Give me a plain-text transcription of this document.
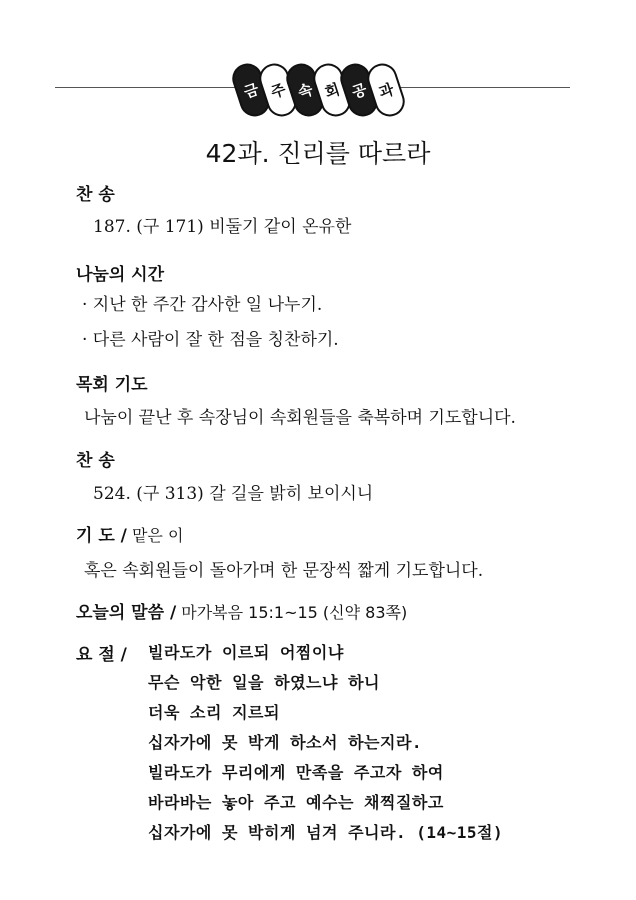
금 주 속 회 공 과
42과. 진리를 따르라
찬 송
187. (구 171) 비둘기 같이 온유한
나눔의 시간
· 지난 한 주간 감사한 일 나누기.
· 다른 사람이 잘 한 점을 칭찬하기.
목회 기도
나눔이 끝난 후 속장님이 속회원들을 축복하며 기도합니다.
찬 송
524. (구 313) 갈 길을 밝히 보이시니
기 도 / 맡은 이
혹은 속회원들이 돌아가며 한 문장씩 짧게 기도합니다.
오늘의 말씀 / 마가복음 15:1~15 (신약 83쪽)
요 절 / 빌라도가 이르되 어찜이냐
무슨 악한 일을 하였느냐 하니
더욱 소리 지르되
십자가에 못 박게 하소서 하는지라.
빌라도가 무리에게 만족을 주고자 하여
바라바는 놓아 주고 예수는 채찍질하고
십자가에 못 박히게 넘겨 주니라. (14~15절)
